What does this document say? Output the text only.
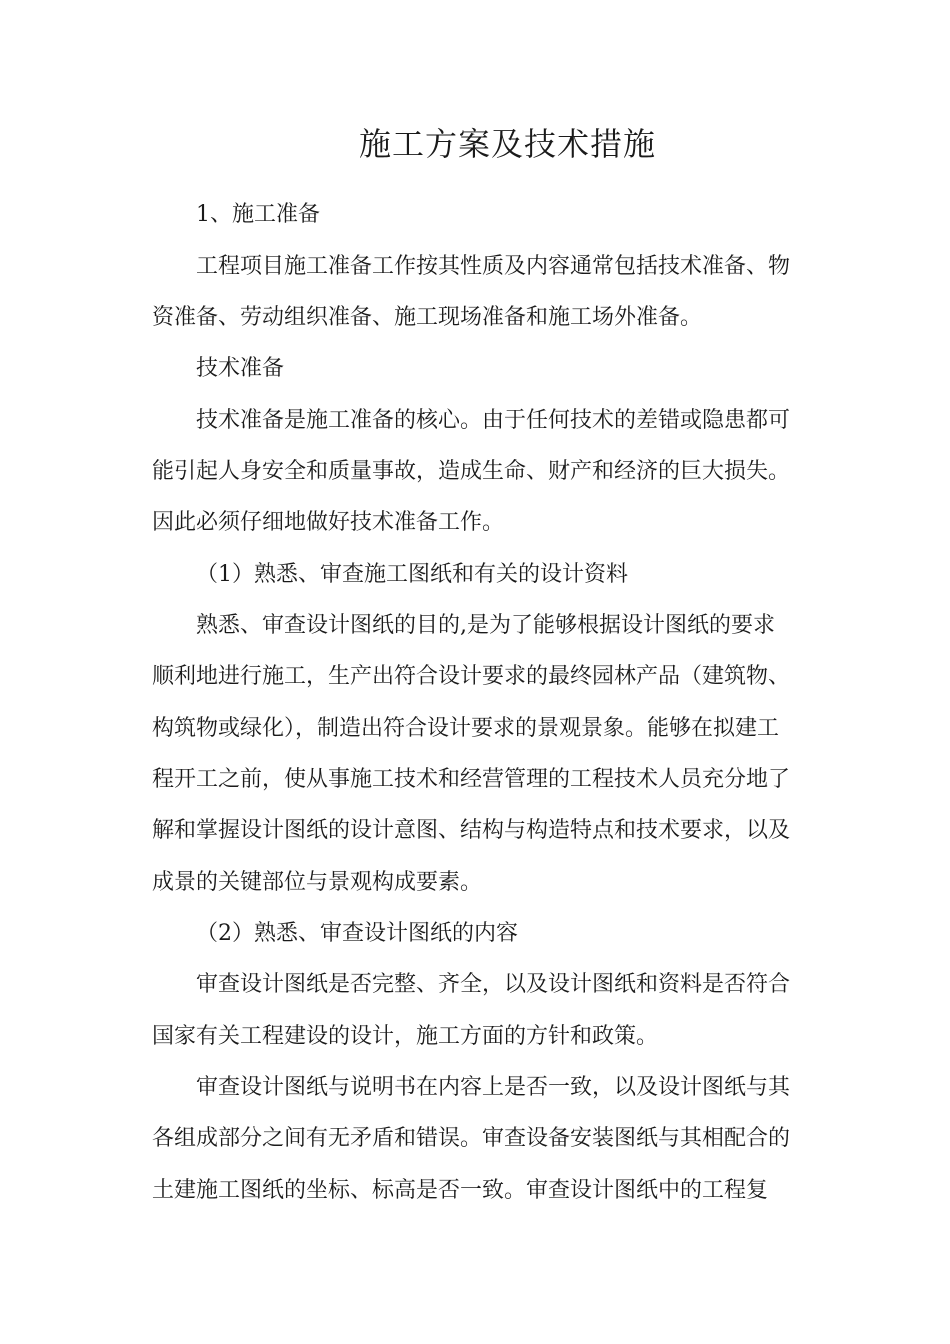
施工方案及技术措施
1、施工准备
工程项目施工准备工作按其性质及内容通常包括技术准备、物
资准备、劳动组织准备、施工现场准备和施工场外准备。
技术准备
技术准备是施工准备的核心。由于任何技术的差错或隐患都可
能引起人身安全和质量事故，造成生命、财产和经济的巨大损失。
因此必须仔细地做好技术准备工作。
（1）熟悉、审查施工图纸和有关的设计资料
熟悉、审查设计图纸的目的,是为了能够根据设计图纸的要求
顺利地进行施工，生产出符合设计要求的最终园林产品（建筑物、
构筑物或绿化），制造出符合设计要求的景观景象。能够在拟建工
程开工之前，使从事施工技术和经营管理的工程技术人员充分地了
解和掌握设计图纸的设计意图、结构与构造特点和技术要求，以及
成景的关键部位与景观构成要素。
（2）熟悉、审查设计图纸的内容
审查设计图纸是否完整、齐全，以及设计图纸和资料是否符合
国家有关工程建设的设计，施工方面的方针和政策。
审查设计图纸与说明书在内容上是否一致，以及设计图纸与其
各组成部分之间有无矛盾和错误。审查设备安装图纸与其相配合的
土建施工图纸的坐标、标高是否一致。审查设计图纸中的工程复
